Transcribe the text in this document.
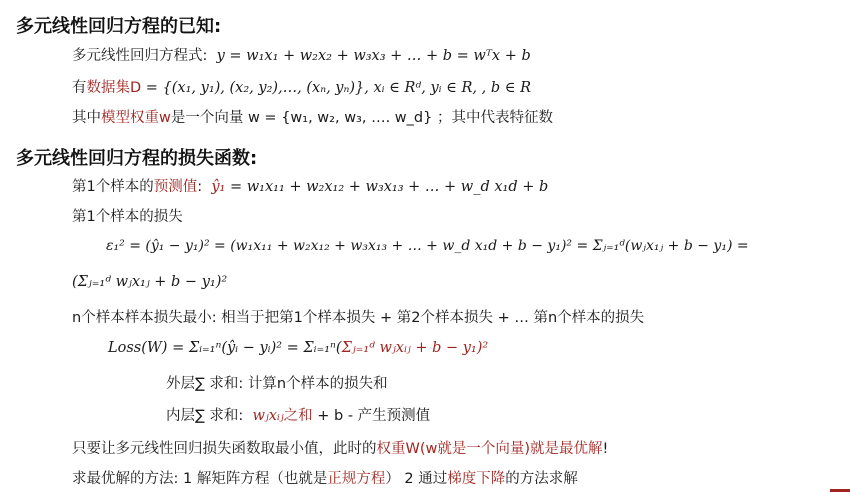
多元线性回归方程的已知:
多元线性回归方程式: y = w₁x₁ + w₂x₂ + w₃x₃ + … + b = wᵀx + b
有数据集D = {(x₁, y₁), (x₂, y₂),…, (xₙ, yₙ)}, xᵢ ∈ Rᵈ, yᵢ ∈ R, , b ∈ R
其中模型权重w是一个向量 w = {w₁, w₂, w₃, …. w_d} ；其中代表特征数
多元线性回归方程的损失函数:
第1个样本的预测值: ŷ₁ = w₁x₁₁ + w₂x₁₂ + w₃x₁₃ + … + w_d x₁d + b
第1个样本的损失
ε₁² = (ŷ₁ − y₁)² = (w₁x₁₁ + w₂x₁₂ + w₃x₁₃ + … + w_d x₁d + b − y₁)² = Σⱼ₌₁ᵈ(wⱼx₁ⱼ + b − y₁) =
(Σⱼ₌₁ᵈ wⱼx₁ⱼ + b − y₁)²
n个样本样本损失最小: 相当于把第1个样本损失 + 第2个样本损失 + … 第n个样本的损失
Loss(W) = Σᵢ₌₁ⁿ(ŷᵢ − yᵢ)² = Σᵢ₌₁ⁿ(Σⱼ₌₁ᵈ wⱼxᵢⱼ + b − y₁)²
外层∑ 求和: 计算n个样本的损失和
内层∑ 求和: wⱼxᵢⱼ之和 + b - 产生预测值
只要让多元线性回归损失函数取最小值，此时的权重W(w就是一个向量)就是最优解!
求最优解的方法: 1 解矩阵方程（也就是正规方程） 2 通过梯度下降的方法求解
